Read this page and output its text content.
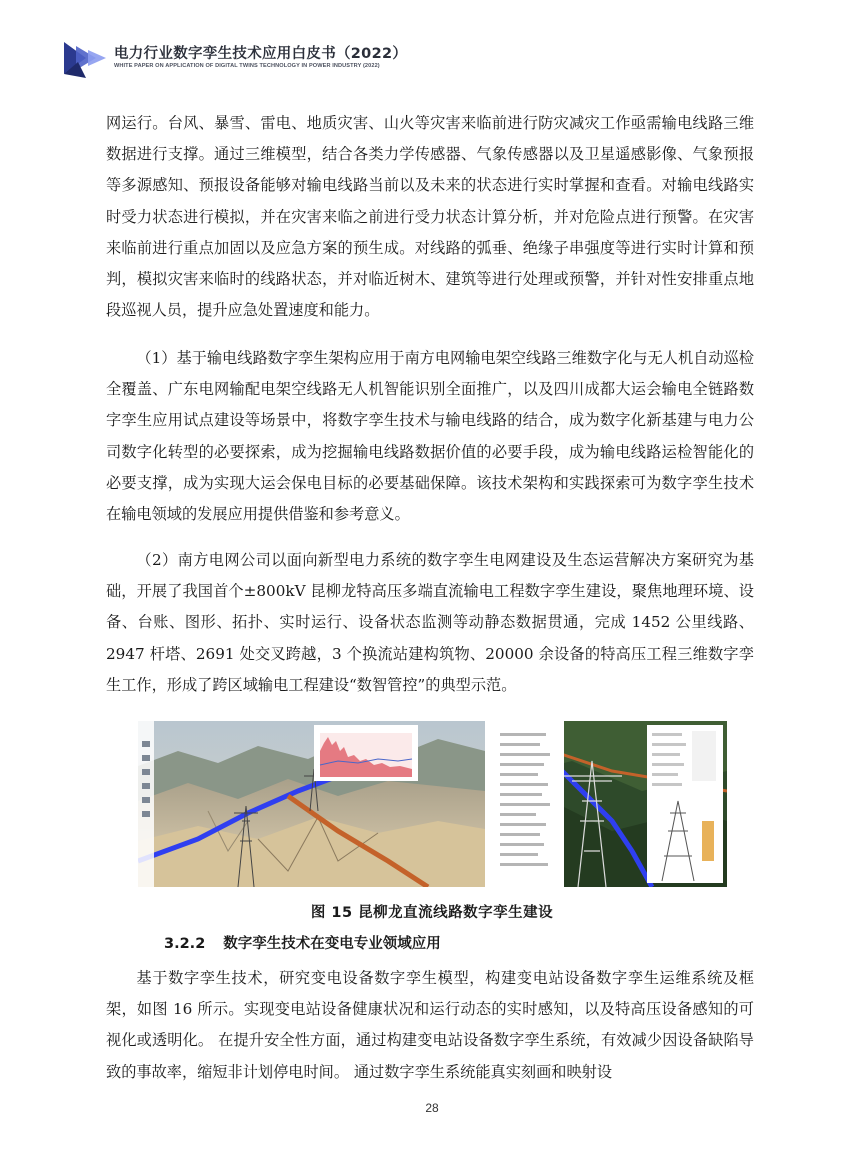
电力行业数字孪生技术应用白皮书（2022）
WHITE PAPER ON APPLICATION OF DIGITAL TWINS TECHNOLOGY IN POWER INDUSTRY (2022)

网运行。台风、暴雪、雷电、地质灾害、山火等灾害来临前进行防灾减灾工作亟需输电线路三维数据进行支撑。通过三维模型，结合各类力学传感器、气象传感器以及卫星遥感影像、气象预报等多源感知、预报设备能够对输电线路当前以及未来的状态进行实时掌握和查看。对输电线路实时受力状态进行模拟，并在灾害来临之前进行受力状态计算分析，并对危险点进行预警。在灾害来临前进行重点加固以及应急方案的预生成。对线路的弧垂、绝缘子串强度等进行实时计算和预判，模拟灾害来临时的线路状态，并对临近树木、建筑等进行处理或预警，并针对性安排重点地段巡视人员，提升应急处置速度和能力。

（1）基于输电线路数字孪生架构应用于南方电网输电架空线路三维数字化与无人机自动巡检全覆盖、广东电网输配电架空线路无人机智能识别全面推广，以及四川成都大运会输电全链路数字孪生应用试点建设等场景中，将数字孪生技术与输电线路的结合，成为数字化新基建与电力公司数字化转型的必要探索，成为挖掘输电线路数据价值的必要手段，成为输电线路运检智能化的必要支撑，成为实现大运会保电目标的必要基础保障。该技术架构和实践探索可为数字孪生技术在输电领域的发展应用提供借鉴和参考意义。

（2）南方电网公司以面向新型电力系统的数字孪生电网建设及生态运营解决方案研究为基础，开展了我国首个±800kV 昆柳龙特高压多端直流输电工程数字孪生建设，聚焦地理环境、设备、台账、图形、拓扑、实时运行、设备状态监测等动静态数据贯通，完成 1452 公里线路、2947 杆塔、2691 处交叉跨越，3 个换流站建构筑物、20000 余设备的特高压工程三维数字孪生工作，形成了跨区域输电工程建设“数智管控”的典型示范。

图 15 昆柳龙直流线路数字孪生建设
3.2.2 数字孪生技术在变电专业领域应用

基于数字孪生技术，研究变电设备数字孪生模型，构建变电站设备数字孪生运维系统及框架，如图 16 所示。实现变电站设备健康状况和运行动态的实时感知，以及特高压设备感知的可视化或透明化。 在提升安全性方面，通过构建变电站设备数字孪生系统，有效减少因设备缺陷导致的事故率，缩短非计划停电时间。 通过数字孪生系统能真实刻画和映射设

28
